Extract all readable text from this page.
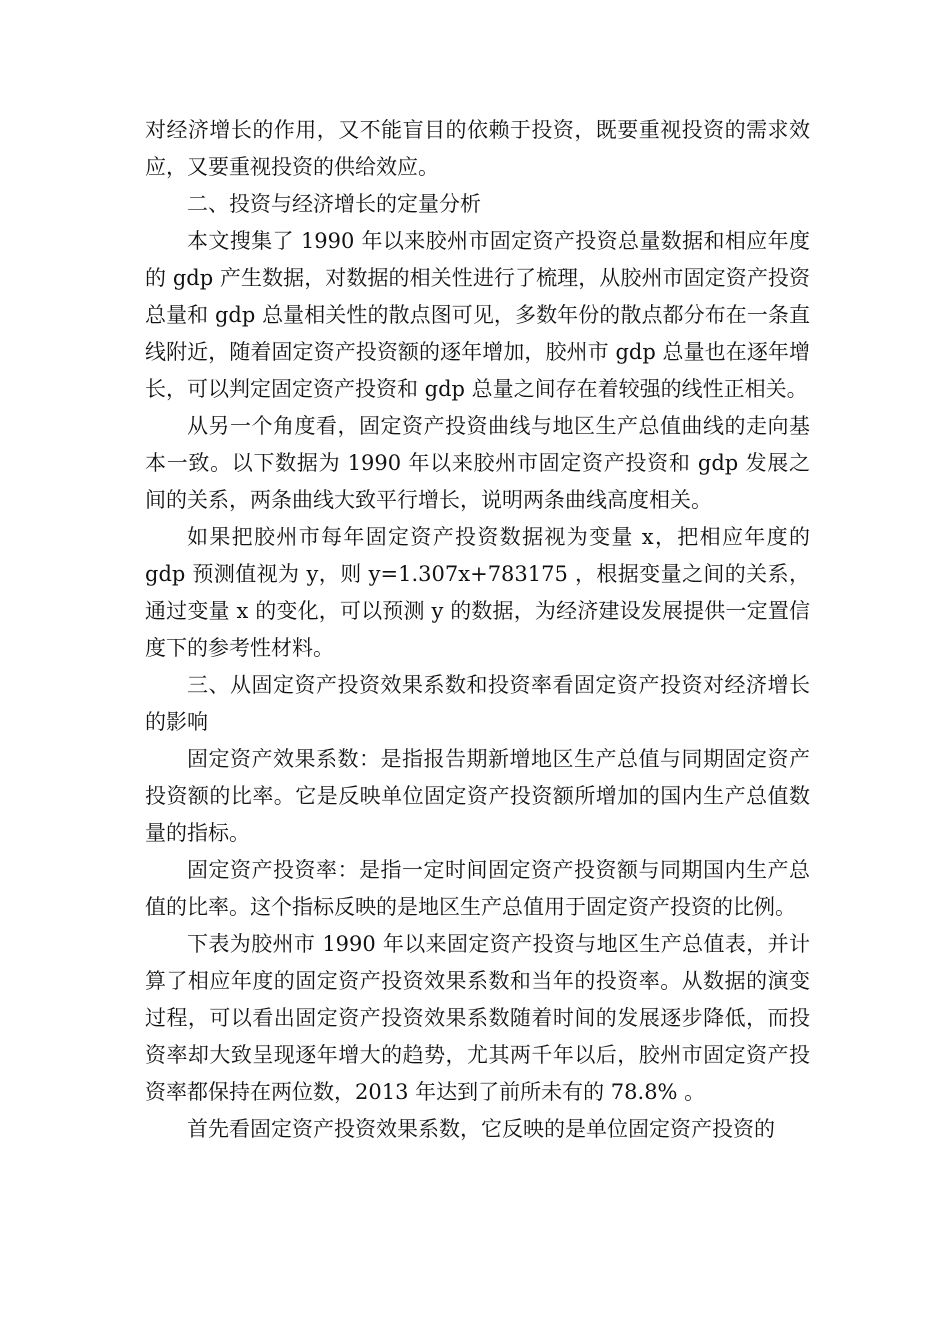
对经济增长的作用，又不能盲目的依赖于投资，既要重视投资的需求效应，又要重视投资的供给效应。

二、投资与经济增长的定量分析

本文搜集了 1990 年以来胶州市固定资产投资总量数据和相应年度的 gdp 产生数据，对数据的相关性进行了梳理，从胶州市固定资产投资总量和 gdp 总量相关性的散点图可见，多数年份的散点都分布在一条直线附近，随着固定资产投资额的逐年增加，胶州市 gdp 总量也在逐年增长，可以判定固定资产投资和 gdp 总量之间存在着较强的线性正相关。

从另一个角度看，固定资产投资曲线与地区生产总值曲线的走向基本一致。以下数据为 1990 年以来胶州市固定资产投资和 gdp 发展之间的关系，两条曲线大致平行增长，说明两条曲线高度相关。

如果把胶州市每年固定资产投资数据视为变量 x，把相应年度的 gdp 预测值视为 y，则 y=1.307x+783175 ，根据变量之间的关系，通过变量 x 的变化，可以预测 y 的数据，为经济建设发展提供一定置信度下的参考性材料。

三、从固定资产投资效果系数和投资率看固定资产投资对经济增长的影响

固定资产效果系数：是指报告期新增地区生产总值与同期固定资产投资额的比率。它是反映单位固定资产投资额所增加的国内生产总值数量的指标。

固定资产投资率：是指一定时间固定资产投资额与同期国内生产总值的比率。这个指标反映的是地区生产总值用于固定资产投资的比例。

下表为胶州市 1990 年以来固定资产投资与地区生产总值表，并计算了相应年度的固定资产投资效果系数和当年的投资率。从数据的演变过程，可以看出固定资产投资效果系数随着时间的发展逐步降低，而投资率却大致呈现逐年增大的趋势，尤其两千年以后，胶州市固定资产投资率都保持在两位数，2013 年达到了前所未有的 78.8% 。

首先看固定资产投资效果系数，它反映的是单位固定资产投资的
